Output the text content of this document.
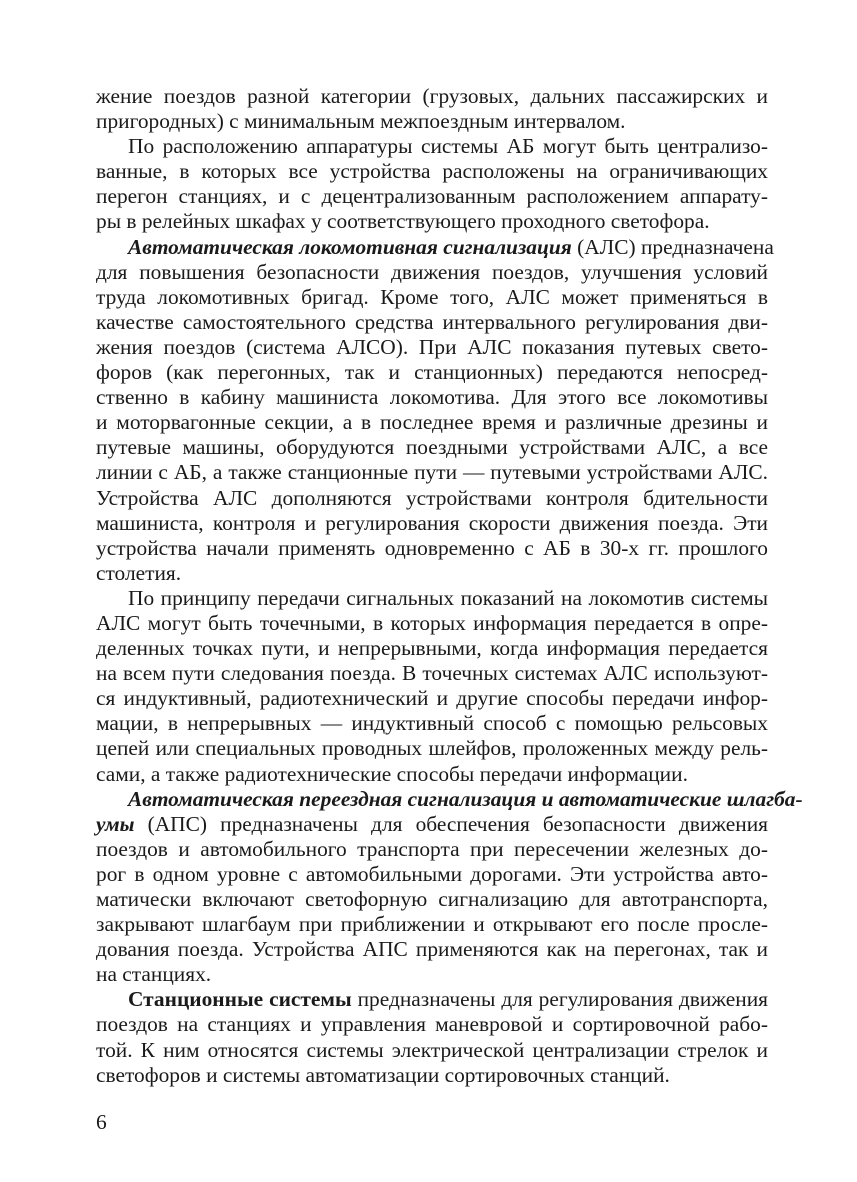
жение поездов разной категории (грузовых, дальних пассажирских и
пригородных) с минимальным межпоездным интервалом.
По расположению аппаратуры системы АБ могут быть централизо-
ванные, в которых все устройства расположены на ограничивающих
перегон станциях, и с децентрализованным расположением аппарату-
ры в релейных шкафах у соответствующего проходного светофора.
Автоматическая локомотивная сигнализация (АЛС) предназначена
для повышения безопасности движения поездов, улучшения условий
труда локомотивных бригад. Кроме того, АЛС может применяться в
качестве самостоятельного средства интервального регулирования дви-
жения поездов (система АЛСО). При АЛС показания путевых свето-
форов (как перегонных, так и станционных) передаются непосред-
ственно в кабину машиниста локомотива. Для этого все локомотивы
и моторвагонные секции, а в последнее время и различные дрезины и
путевые машины, оборудуются поездными устройствами АЛС, а все
линии с АБ, а также станционные пути — путевыми устройствами АЛС.
Устройства АЛС дополняются устройствами контроля бдительности
машиниста, контроля и регулирования скорости движения поезда. Эти
устройства начали применять одновременно с АБ в 30-х гг. прошлого
столетия.
По принципу передачи сигнальных показаний на локомотив системы
АЛС могут быть точечными, в которых информация передается в опре-
деленных точках пути, и непрерывными, когда информация передается
на всем пути следования поезда. В точечных системах АЛС используют-
ся индуктивный, радиотехнический и другие способы передачи инфор-
мации, в непрерывных — индуктивный способ с помощью рельсовых
цепей или специальных проводных шлейфов, проложенных между рель-
сами, а также радиотехнические способы передачи информации.
Автоматическая переездная сигнализация и автоматические шлагба-
умы (АПС) предназначены для обеспечения безопасности движения
поездов и автомобильного транспорта при пересечении железных до-
рог в одном уровне с автомобильными дорогами. Эти устройства авто-
матически включают светофорную сигнализацию для автотранспорта,
закрывают шлагбаум при приближении и открывают его после просле-
дования поезда. Устройства АПС применяются как на перегонах, так и
на станциях.
Станционные системы предназначены для регулирования движения
поездов на станциях и управления маневровой и сортировочной рабо-
той. К ним относятся системы электрической централизации стрелок и
светофоров и системы автоматизации сортировочных станций.
6
